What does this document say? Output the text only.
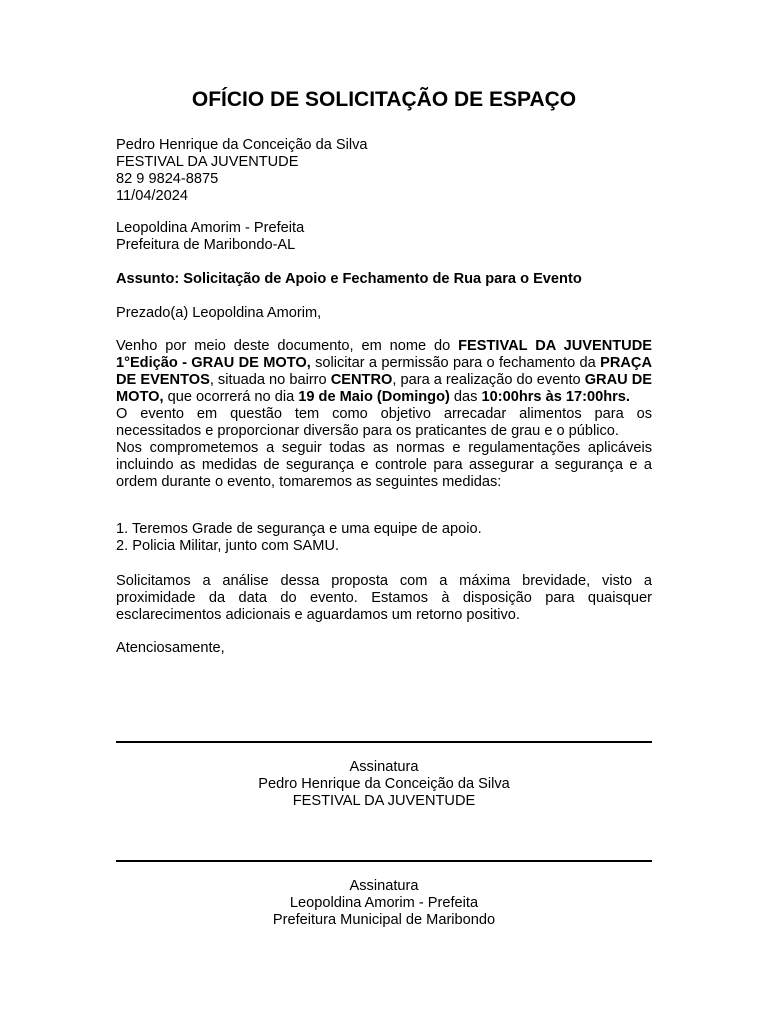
OFÍCIO DE SOLICITAÇÃO DE ESPAÇO
Pedro Henrique da Conceição da Silva
FESTIVAL DA JUVENTUDE
82 9 9824-8875
11/04/2024
Leopoldina Amorim - Prefeita
Prefeitura de Maribondo-AL
Assunto: Solicitação de Apoio e Fechamento de Rua para o Evento
Prezado(a) Leopoldina Amorim,

Venho por meio deste documento, em nome do FESTIVAL DA JUVENTUDE 1°Edição - GRAU DE MOTO, solicitar a permissão para o fechamento da PRAÇA DE EVENTOS, situada no bairro CENTRO, para a realização do evento GRAU DE MOTO, que ocorrerá no dia 19 de Maio (Domingo) das 10:00hrs às 17:00hrs.

O evento em questão tem como objetivo arrecadar alimentos para os necessitados e proporcionar diversão para os praticantes de grau e o público.

Nos comprometemos a seguir todas as normas e regulamentações aplicáveis incluindo as medidas de segurança e controle para assegurar a segurança e a ordem durante o evento, tomaremos as seguintes medidas:

1. Teremos Grade de segurança e uma equipe de apoio.
2. Policia Militar, junto com SAMU.
Solicitamos a análise dessa proposta com a máxima brevidade, visto a proximidade da data do evento. Estamos à disposição para quaisquer esclarecimentos adicionais e aguardamos um retorno positivo.
Atenciosamente,
Assinatura
Pedro Henrique da Conceição da Silva
FESTIVAL DA JUVENTUDE
Assinatura
Leopoldina Amorim - Prefeita
Prefeitura Municipal de Maribondo
